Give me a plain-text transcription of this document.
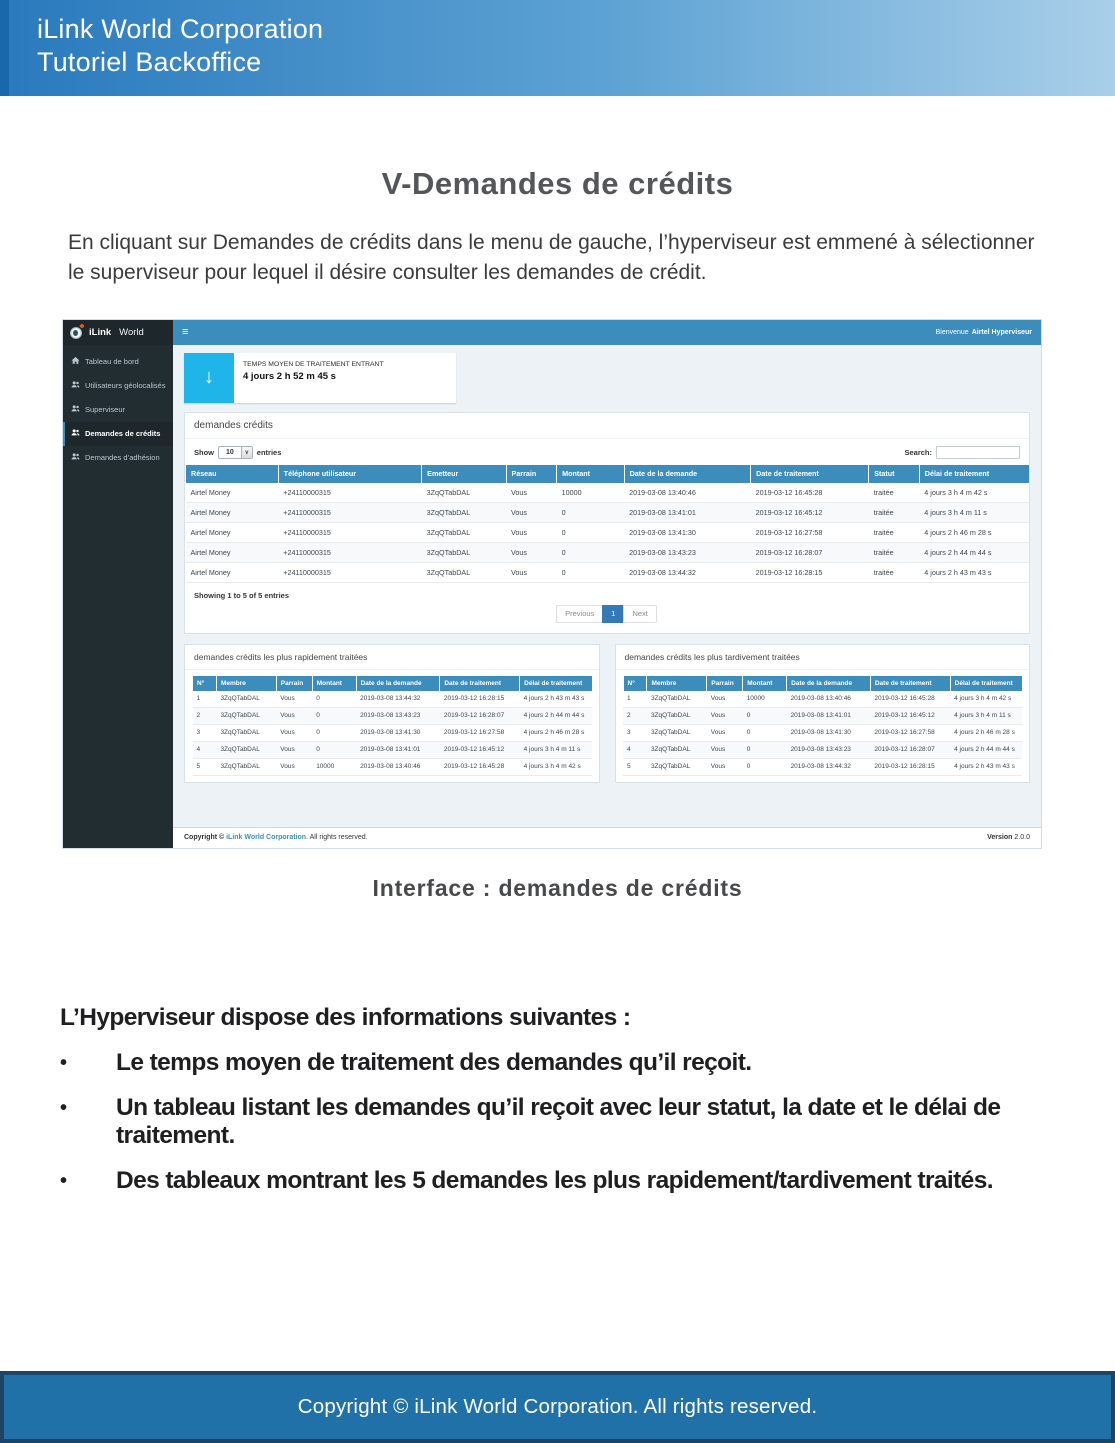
iLink World Corporation
Tutoriel Backoffice
V-Demandes de crédits

En cliquant sur Demandes de crédits dans le menu de gauche, l’hyperviseur est emmené à sélectionner le superviseur pour lequel il désire consulter les demandes de crédit.

iLink World	≡	Bienvenue Airtel Hyperviseur
Tableau de bord
Utilisateurs géolocalisés
Superviseur
Demandes de crédits
Demandes d’adhésion
↓
TEMPS MOYEN DE TRAITEMENT ENTRANT
4 jours 2 h 52 m 45 s
demandes crédits
Show	10	∨	entries	Search:
Réseau	Téléphone utilisateur	Emetteur	Parrain	Montant	Date de la demande	Date de traitement	Statut	Délai de traitement
Airtel Money	+24110000315	3ZqQTabDAL	Vous	10000	2019-03-08 13:40:46	2019-03-12 16:45:28	traitée	4 jours 3 h 4 m 42 s
Airtel Money	+24110000315	3ZqQTabDAL	Vous	0	2019-03-08 13:41:01	2019-03-12 16:45:12	traitée	4 jours 3 h 4 m 11 s
Airtel Money	+24110000315	3ZqQTabDAL	Vous	0	2019-03-08 13:41:30	2019-03-12 16:27:58	traitée	4 jours 2 h 46 m 28 s
Airtel Money	+24110000315	3ZqQTabDAL	Vous	0	2019-03-08 13:43:23	2019-03-12 16:28:07	traitée	4 jours 2 h 44 m 44 s
Airtel Money	+24110000315	3ZqQTabDAL	Vous	0	2019-03-08 13:44:32	2019-03-12 16:28:15	traitée	4 jours 2 h 43 m 43 s
Showing 1 to 5 of 5 entries
Previous	1	Next
demandes crédits les plus rapidement traitées
N°	Membre	Parrain	Montant	Date de la demande	Date de traitement	Délai de traitement
1	3ZqQTabDAL	Vous	0	2019-03-08 13:44:32	2019-03-12 16:28:15	4 jours 2 h 43 m 43 s
2	3ZqQTabDAL	Vous	0	2019-03-08 13:43:23	2019-03-12 16:28:07	4 jours 2 h 44 m 44 s
3	3ZqQTabDAL	Vous	0	2019-03-08 13:41:30	2019-03-12 16:27:58	4 jours 2 h 46 m 28 s
4	3ZqQTabDAL	Vous	0	2019-03-08 13:41:01	2019-03-12 16:45:12	4 jours 3 h 4 m 11 s
5	3ZqQTabDAL	Vous	10000	2019-03-08 13:40:46	2019-03-12 16:45:28	4 jours 3 h 4 m 42 s
demandes crédits les plus tardivement traitées
N°	Membre	Parrain	Montant	Date de la demande	Date de traitement	Délai de traitement
1	3ZqQTabDAL	Vous	10000	2019-03-08 13:40:46	2019-03-12 16:45:28	4 jours 3 h 4 m 42 s
2	3ZqQTabDAL	Vous	0	2019-03-08 13:41:01	2019-03-12 16:45:12	4 jours 3 h 4 m 11 s
3	3ZqQTabDAL	Vous	0	2019-03-08 13:41:30	2019-03-12 16:27:58	4 jours 2 h 46 m 28 s
4	3ZqQTabDAL	Vous	0	2019-03-08 13:43:23	2019-03-12 16:28:07	4 jours 2 h 44 m 44 s
5	3ZqQTabDAL	Vous	0	2019-03-08 13:44:32	2019-03-12 16:28:15	4 jours 2 h 43 m 43 s
Copyright © iLink World Corporation. All rights reserved.	Version 2.0.0
Interface : demandes de crédits
L’Hyperviseur dispose des informations suivantes :
•	Le temps moyen de traitement des demandes qu’il reçoit.
•	Un tableau listant les demandes qu’il reçoit avec leur statut, la date et le délai de traitement.
•	Des tableaux montrant les 5 demandes les plus rapidement/tardivement traités.
Copyright © iLink World Corporation. All rights reserved.
